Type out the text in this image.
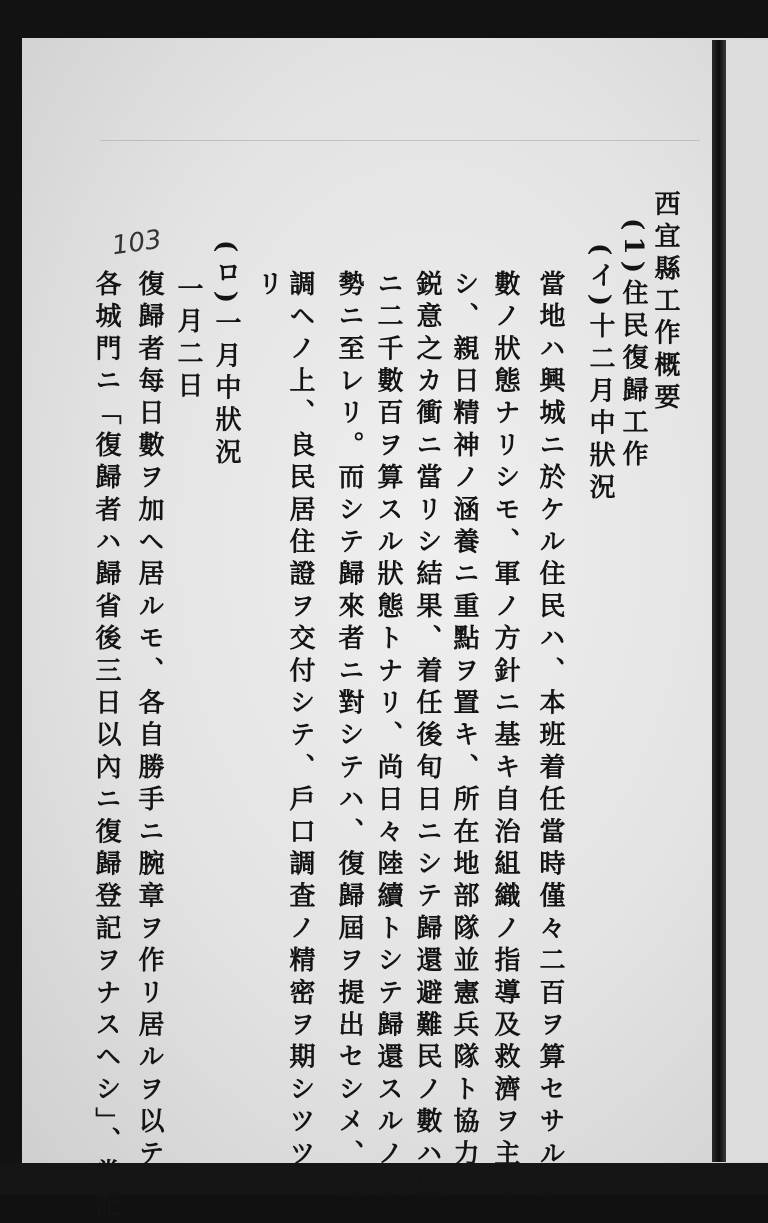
103	西宜縣工作概要
(1)住民復歸工作
(イ)十二月中狀況
當地ハ興城ニ於ケル住民ハ、本班着任當時僅々二百ヲ算セサル少
數ノ狀態ナリシモ、軍ノ方針ニ基キ自治組織ノ指導及救濟ヲ主ト
シ、親日精神ノ涵養ニ重點ヲ置キ、所在地部隊並憲兵隊ト協力、
鋭意之カ衝ニ當リシ結果、着任後旬日ニシテ歸還避難民ノ數ハ既
ニ二千數百ヲ算スル狀態トナリ、尚日々陸續トシテ歸還スルノ狀
勢ニ至レリ。而シテ歸來者ニ對シテハ、復歸屆ヲ提出セシメ、取
調ヘノ上、良民居住證ヲ交付シテ、戶口調査ノ精密ヲ期シツツア
リ
(ロ)一月中狀況
一月二日
復歸者每日數ヲ加ヘ居ルモ、各自勝手ニ腕章ヲ作リ居ルヲ以テ、
各城門ニ「復歸者ハ歸省後三日以內ニ復歸登記ヲナスヘシ」、常記
